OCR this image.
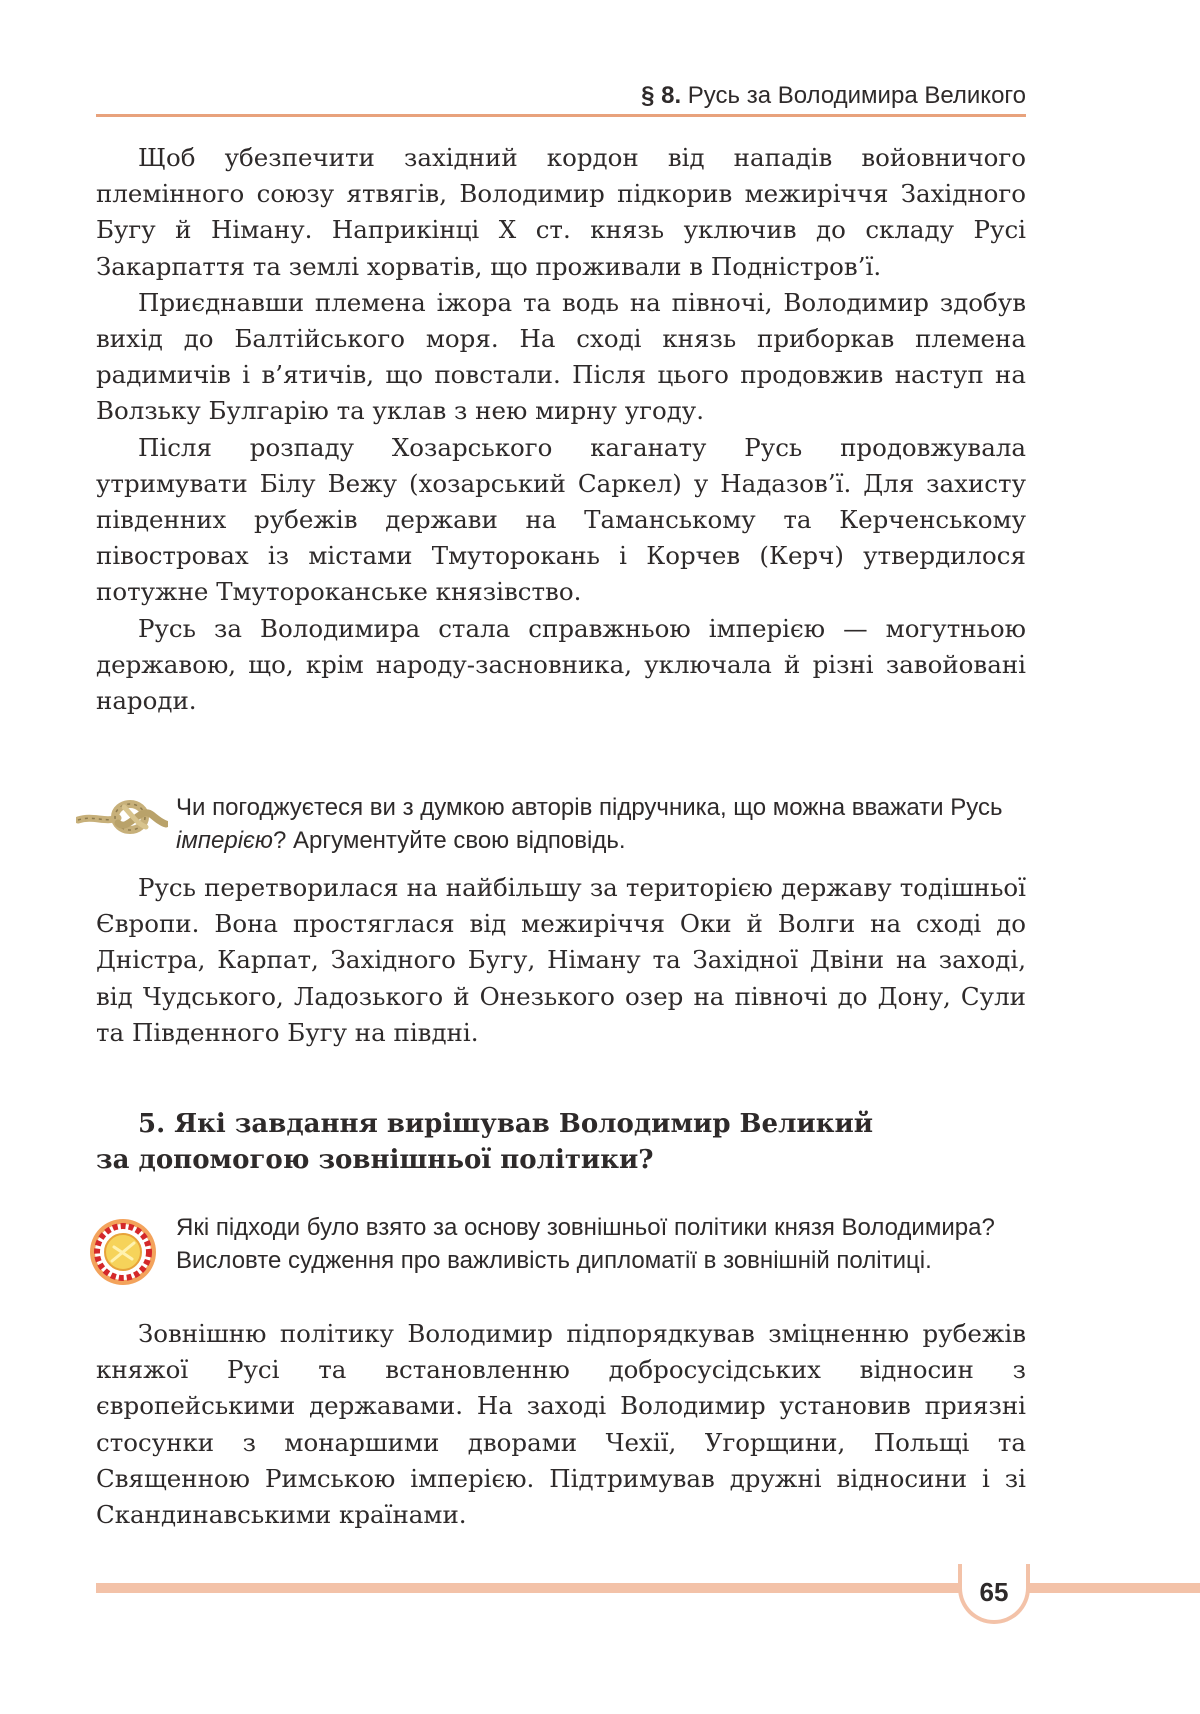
§ 8. Русь за Володимира Великого

Щоб убезпечити західний кордон від нападів войовничого племінного союзу ятвягів, Володимир підкорив межиріччя Західного Бугу й Німану. Наприкінці X ст. князь уключив до складу Русі Закарпаття та землі хорватів, що проживали в Подністров’ї.

Приєднавши племена іжора та водь на півночі, Володимир здобув вихід до Балтійського моря. На сході князь приборкав племена радимичів і в’ятичів, що повстали. Після цього продовжив наступ на Волзьку Булгарію та уклав з нею мирну угоду.

Після розпаду Хозарського каганату Русь продовжувала утримувати Білу Вежу (хозарський Саркел) у Надазов’ї. Для захисту південних рубежів держави на Таманському та Керченському півостровах із містами Тмуторокань і Корчев (Керч) утвердилося потужне Тмутороканське князівство.

Русь за Володимира стала справжньою імперією — могутньою державою, що, крім народу-засновника, уключала й різні завойовані народи.

Чи погоджуєтеся ви з думкою авторів підручника, що можна вважати Русь імперією? Аргументуйте свою відповідь.

Русь перетворилася на найбільшу за територією державу тодішньої Європи. Вона простяглася від межиріччя Оки й Волги на сході до Дністра, Карпат, Західного Бугу, Німану та Західної Двіни на заході, від Чудського, Ладозького й Онезького озер на півночі до Дону, Сули та Південного Бугу на півдні.

5. Які завдання вирішував Володимир Великий
за допомогою зовнішньої політики?
Які підходи було взято за основу зовнішньої політики князя Володимира? Висловте судження про важливість дипломатії в зовнішній політиці.

Зовнішню політику Володимир підпорядкував зміцненню рубежів княжої Русі та встановленню добросусідських відносин з європейськими державами. На заході Володимир установив приязні стосунки з монаршими дворами Чехії, Угорщини, Польщі та Священною Римською імперією. Підтримував дружні відносини і зі Скандинавськими країнами.

65
